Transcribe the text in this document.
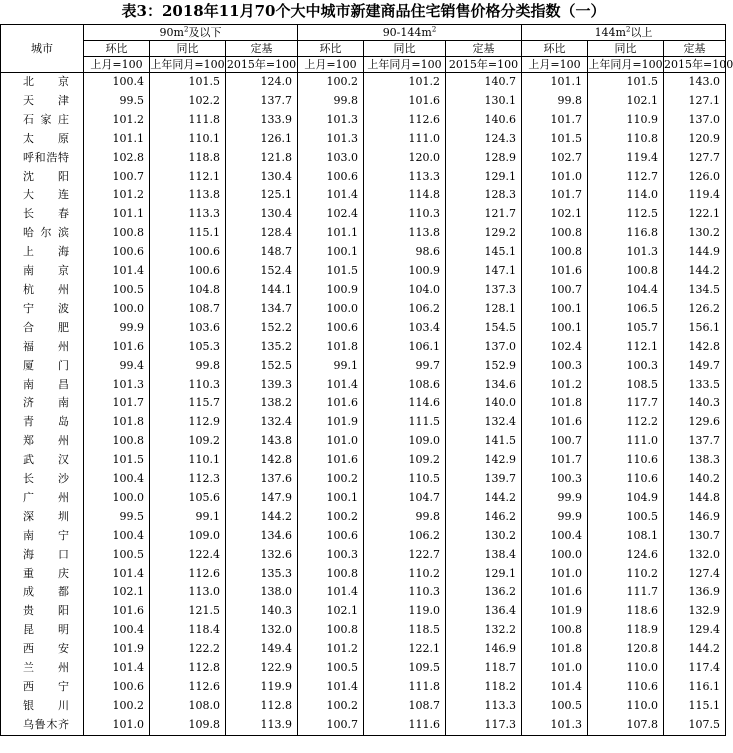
表3：2018年11月70个大中城市新建商品住宅销售价格分类指数（一）
城市	$90m^2$及以下			$90-144m^2$			$144m^2$以上		
	环比	同比	定基	环比	同比	定基	环比	同比	定基
	上月=100	上年同月=100	2015年=100	上月=100	上年同月=100	2015年=100	上月=100	上年同月=100	2015年=100
北京	100.4	101.5	124.0	100.2	101.2	140.7	101.1	101.5	143.0
天津	99.5	102.2	137.7	99.8	101.6	130.1	99.8	102.1	127.1
石家庄	101.2	111.8	133.9	101.3	112.6	140.6	101.7	110.9	137.0
太原	101.1	110.1	126.1	101.3	111.0	124.3	101.5	110.8	120.9
呼和浩特	102.8	118.8	121.8	103.0	120.0	128.9	102.7	119.4	127.7
沈阳	100.7	112.1	130.4	100.6	113.3	129.1	101.0	112.7	126.0
大连	101.2	113.8	125.1	101.4	114.8	128.3	101.7	114.0	119.4
长春	101.1	113.3	130.4	102.4	110.3	121.7	102.1	112.5	122.1
哈尔滨	100.8	115.1	128.4	101.1	113.8	129.2	100.8	116.8	130.2
上海	100.6	100.6	148.7	100.1	98.6	145.1	100.8	101.3	144.9
南京	101.4	100.6	152.4	101.5	100.9	147.1	101.6	100.8	144.2
杭州	100.5	104.8	144.1	100.9	104.0	137.3	100.7	104.4	134.5
宁波	100.0	108.7	134.7	100.0	106.2	128.1	100.1	106.5	126.2
合肥	99.9	103.6	152.2	100.6	103.4	154.5	100.1	105.7	156.1
福州	101.6	105.3	135.2	101.8	106.1	137.0	102.4	112.1	142.8
厦门	99.4	99.8	152.5	99.1	99.7	152.9	100.3	100.3	149.7
南昌	101.3	110.3	139.3	101.4	108.6	134.6	101.2	108.5	133.5
济南	101.7	115.7	138.2	101.6	114.6	140.0	101.8	117.7	140.3
青岛	101.8	112.9	132.4	101.9	111.5	132.4	101.6	112.2	129.6
郑州	100.8	109.2	143.8	101.0	109.0	141.5	100.7	111.0	137.7
武汉	101.5	110.1	142.8	101.6	109.2	142.9	101.7	110.6	138.3
长沙	100.4	112.3	137.6	100.2	110.5	139.7	100.3	110.6	140.2
广州	100.0	105.6	147.9	100.1	104.7	144.2	99.9	104.9	144.8
深圳	99.5	99.1	144.2	100.2	99.8	146.2	99.9	100.5	146.9
南宁	100.4	109.0	134.6	100.6	106.2	130.2	100.4	108.1	130.7
海口	100.5	122.4	132.6	100.3	122.7	138.4	100.0	124.6	132.0
重庆	101.4	112.6	135.3	100.8	110.2	129.1	101.0	110.2	127.4
成都	102.1	113.0	138.0	101.4	110.3	136.2	101.6	111.7	136.9
贵阳	101.6	121.5	140.3	102.1	119.0	136.4	101.9	118.6	132.9
昆明	100.4	118.4	132.0	100.8	118.5	132.2	100.8	118.9	129.4
西安	101.9	122.2	149.4	101.2	122.1	146.9	101.8	120.8	144.2
兰州	101.4	112.8	122.9	100.5	109.5	118.7	101.0	110.0	117.4
西宁	100.6	112.6	119.9	101.4	111.8	118.2	101.4	110.6	116.1
银川	100.2	108.0	112.8	100.2	108.7	113.3	100.5	110.0	115.1
乌鲁木齐	101.0	109.8	113.9	100.7	111.6	117.3	101.3	107.8	107.5
